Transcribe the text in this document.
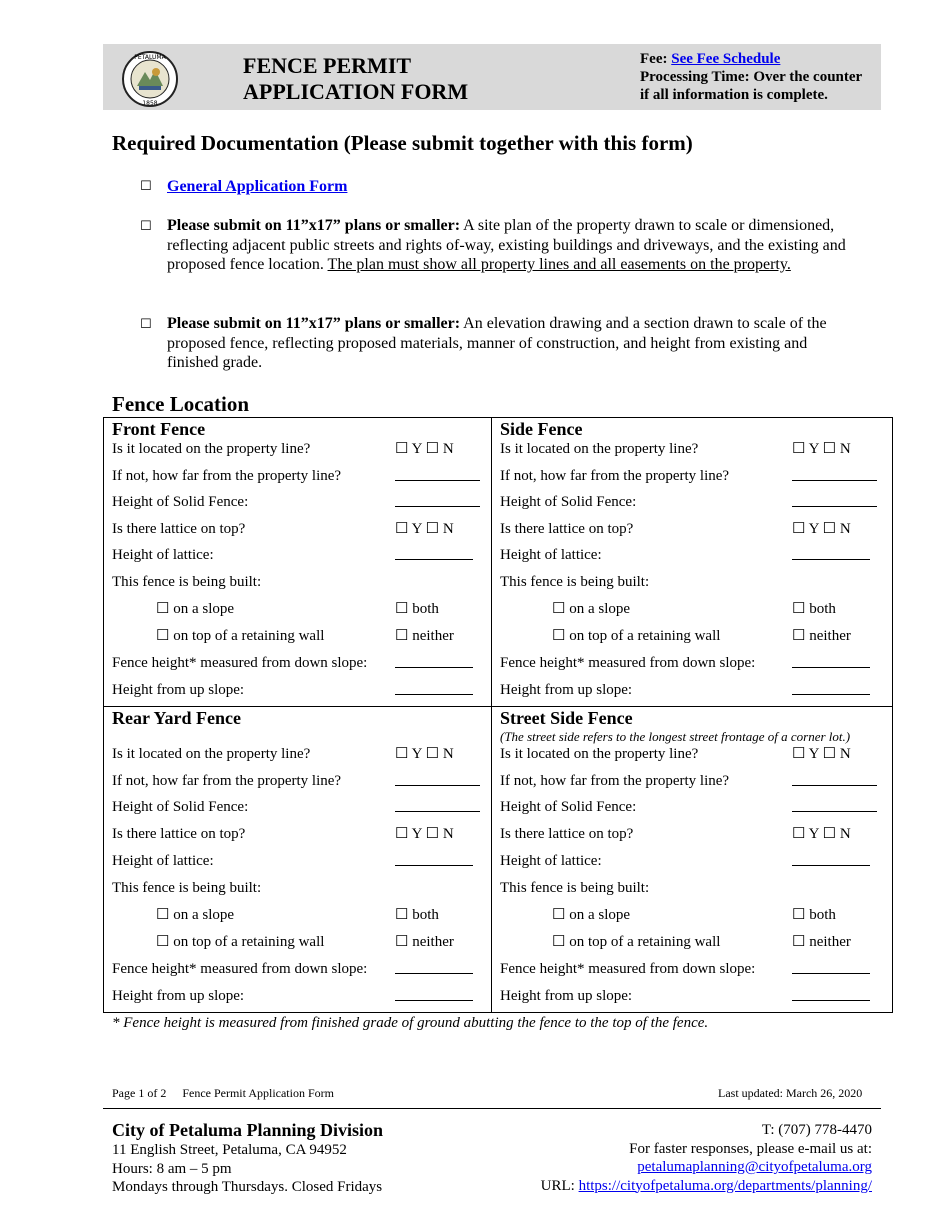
PETALUMA
1858
FENCE PERMIT
APPLICATION FORM
Fee: See Fee Schedule
Processing Time: Over the counter
if all information is complete.
Required Documentation (Please submit together with this form)
☐ General Application Form
☐ Please submit on 11”x17” plans or smaller: A site plan of the property drawn to scale or dimensioned, reflecting adjacent public streets and rights of-way, existing buildings and driveways, and the existing and proposed fence location. The plan must show all property lines and all easements on the property.
☐ Please submit on 11”x17” plans or smaller: An elevation drawing and a section drawn to scale of the proposed fence, reflecting proposed materials, manner of construction, and height from existing and finished grade.
Fence Location
Front Fence
Is it located on the property line?	☐ Y ☐ N
If not, how far from the property line?
Height of Solid Fence:
Is there lattice on top?	☐ Y ☐ N
Height of lattice:
This fence is being built:
☐ on a slope	☐ both
☐ on top of a retaining wall	☐ neither
Fence height* measured from down slope:
Height from up slope:
Side Fence
Is it located on the property line?	☐ Y ☐ N
If not, how far from the property line?
Height of Solid Fence:
Is there lattice on top?	☐ Y ☐ N
Height of lattice:
This fence is being built:
☐ on a slope	☐ both
☐ on top of a retaining wall	☐ neither
Fence height* measured from down slope:
Height from up slope:
Rear Yard Fence
Is it located on the property line?	☐ Y ☐ N
If not, how far from the property line?
Height of Solid Fence:
Is there lattice on top?	☐ Y ☐ N
Height of lattice:
This fence is being built:
☐ on a slope	☐ both
☐ on top of a retaining wall	☐ neither
Fence height* measured from down slope:
Height from up slope:
Street Side Fence
(The street side refers to the longest street frontage of a corner lot.)
Is it located on the property line?	☐ Y ☐ N
If not, how far from the property line?
Height of Solid Fence:
Is there lattice on top?	☐ Y ☐ N
Height of lattice:
This fence is being built:
☐ on a slope	☐ both
☐ on top of a retaining wall	☐ neither
Fence height* measured from down slope:
Height from up slope:
* Fence height is measured from finished grade of ground abutting the fence to the top of the fence.
Page 1 of 2 Fence Permit Application Form	Last updated: March 26, 2020
City of Petaluma Planning Division
11 English Street, Petaluma, CA 94952
Hours: 8 am – 5 pm
Mondays through Thursdays. Closed Fridays
T: (707) 778-4470
For faster responses, please e-mail us at:
petalumaplanning@cityofpetaluma.org
URL: https://cityofpetaluma.org/departments/planning/
